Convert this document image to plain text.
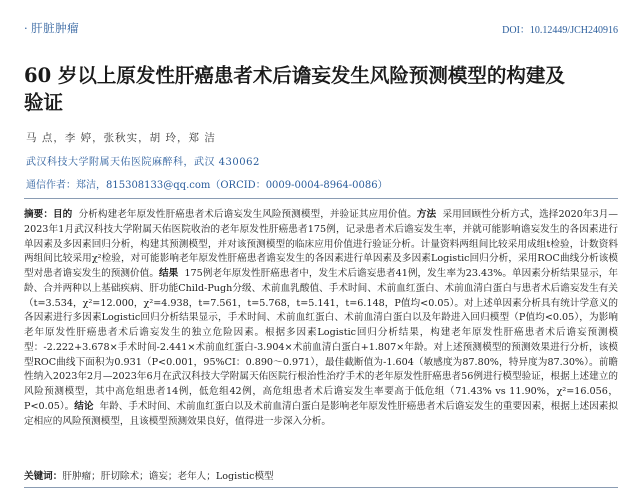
· 肝脏肿瘤	DOI：10.12449/JCH240916
60 岁以上原发性肝癌患者术后谵妄发生风险预测模型的构建及验证
马 点，李 婷，张秋实，胡 玲，郑 洁
武汉科技大学附属天佑医院麻醉科，武汉 430062
通信作者：郑洁，815308133@qq.com（ORCID：0009-0004-8964-0086）
摘要：目的 分析构建老年原发性肝癌患者术后谵妄发生风险预测模型，并验证其应用价值。方法 采用回顾性分析方式，选择2020年3月—2023年1月武汉科技大学附属天佑医院收治的老年原发性肝癌患者175例，记录患者术后谵妄发生率，并就可能影响谵妄发生的各因素进行单因素及多因素回归分析，构建其预测模型，并对该预测模型的临床应用价值进行验证分析。计量资料两组间比较采用成组t检验，计数资料两组间比较采用χ²检验，对可能影响老年原发性肝癌患者谵妄发生的各因素进行单因素及多因素Logistic回归分析，采用ROC曲线分析该模型对患者谵妄发生的预测价值。结果 175例老年原发性肝癌患者中，发生术后谵妄患者41例，发生率为23.43%。单因素分析结果显示，年龄、合并两种以上基础疾病、肝功能Child-Pugh分级、术前血乳酸值、手术时间、术前血红蛋白、术前血清白蛋白与患者术后谵妄发生有关（t=3.534，χ²=12.000，χ²=4.938，t=7.561，t=5.768，t=5.141，t=6.148，P值均<0.05）。对上述单因素分析具有统计学意义的各因素进行多因素Logistic回归分析结果显示，手术时间、术前血红蛋白、术前血清白蛋白以及年龄进入回归模型（P值均<0.05），为影响老年原发性肝癌患者术后谵妄发生的独立危险因素。根据多因素Logistic回归分析结果，构建老年原发性肝癌患者术后谵妄预测模型：-2.222+3.678×手术时间-2.441×术前血红蛋白-3.904×术前血清白蛋白+1.807×年龄。对上述预测模型的预测效果进行分析，该模型ROC曲线下面积为0.931（P<0.001，95%CI：0.890～0.971），最佳截断值为-1.604（敏感度为87.80%，特异度为87.30%）。前瞻性纳入2023年2月—2023年6月在武汉科技大学附属天佑医院行根治性治疗手术的老年原发性肝癌患者56例进行模型验证，根据上述建立的风险预测模型，其中高危组患者14例，低危组42例，高危组患者术后谵妄发生率要高于低危组（71.43% vs 11.90%，χ²=16.056，P<0.05）。结论 年龄、手术时间、术前血红蛋白以及术前血清白蛋白是影响老年原发性肝癌患者术后谵妄发生的重要因素，根据上述因素拟定相应的风险预测模型，且该模型预测效果良好，值得进一步深入分析。
关键词：肝肿瘤；肝切除术；谵妄；老年人；Logistic模型
